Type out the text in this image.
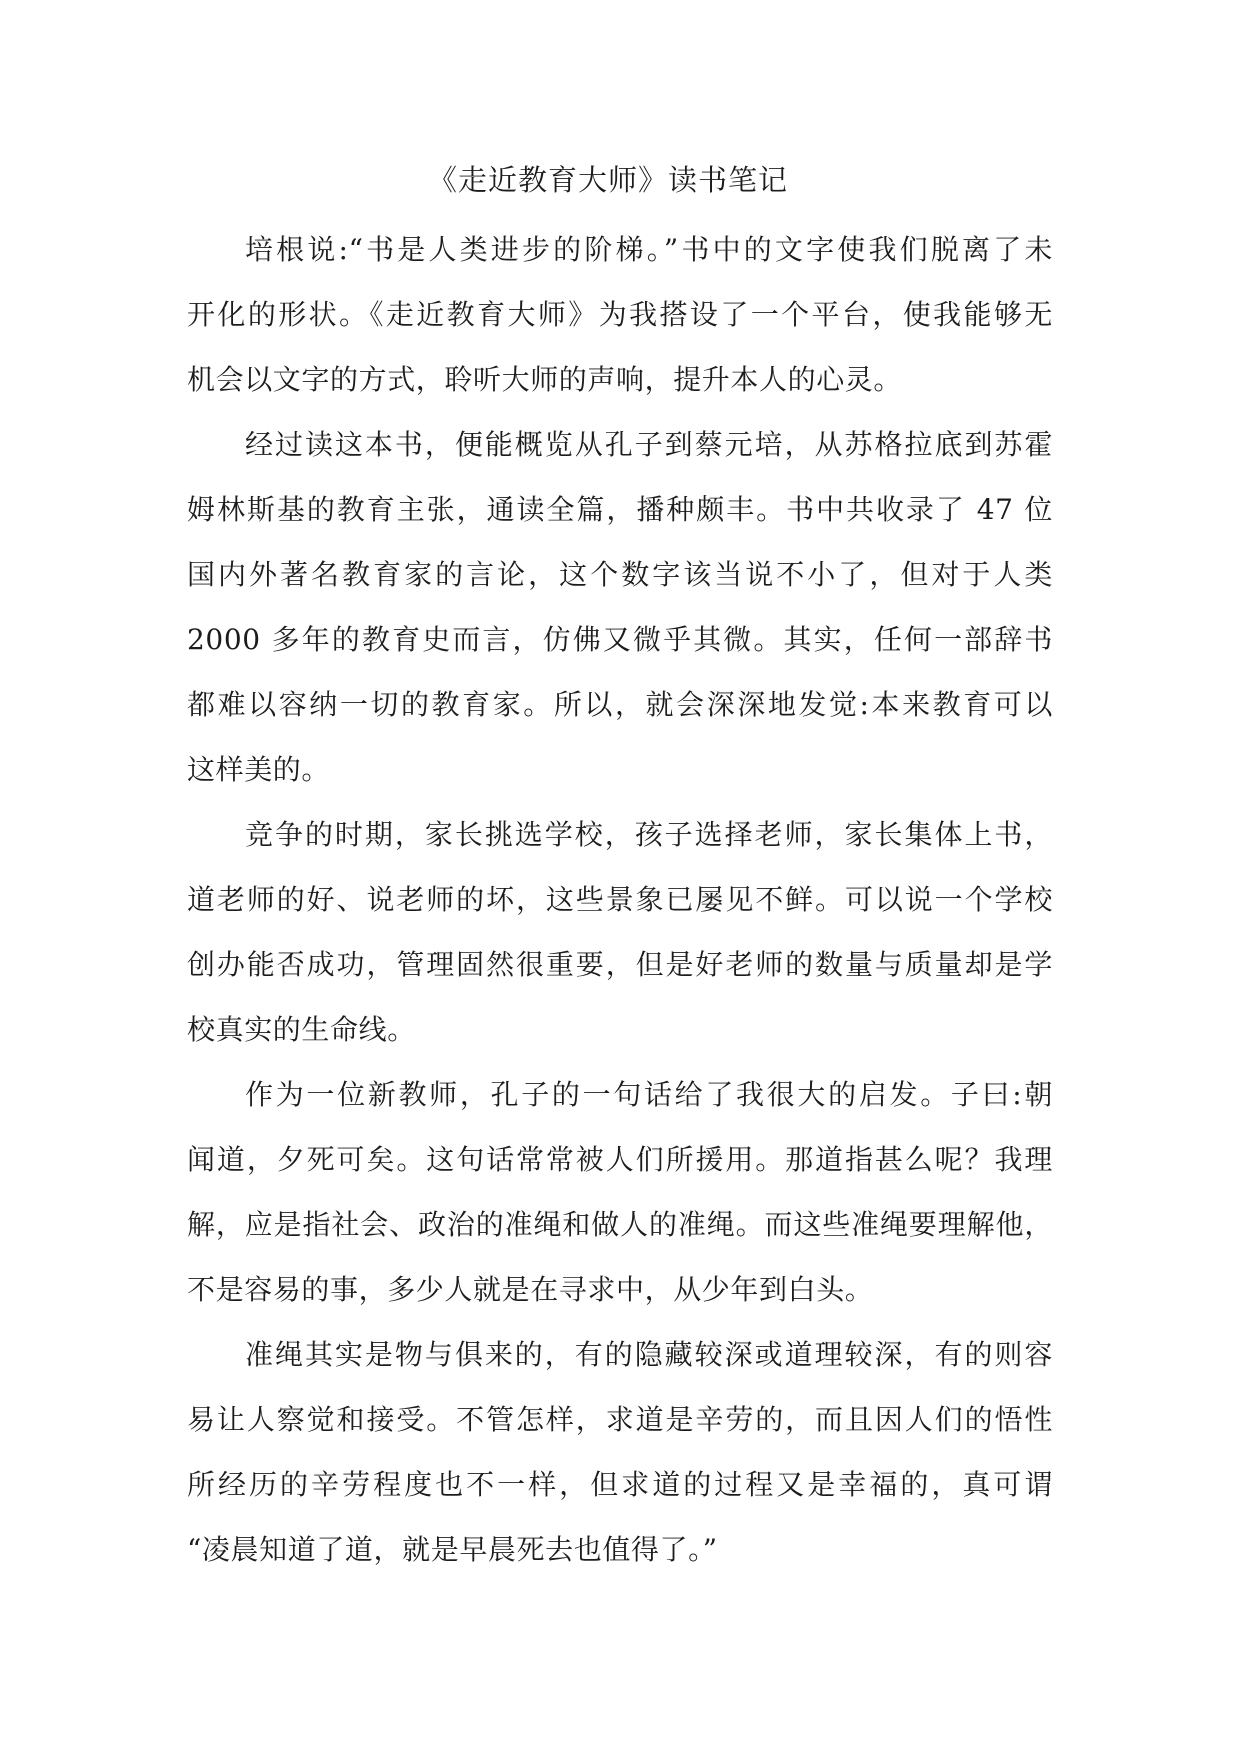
《走近教育大师》读书笔记
培根说:“书是人类进步的阶梯。”书中的文字使我们脱离了未
开化的形状。《走近教育大师》为我搭设了一个平台，使我能够无
机会以文字的方式，聆听大师的声响，提升本人的心灵。
经过读这本书，便能概览从孔子到蔡元培，从苏格拉底到苏霍
姆林斯基的教育主张，通读全篇，播种颇丰。书中共收录了 47 位
国内外著名教育家的言论，这个数字该当说不小了，但对于人类
2000 多年的教育史而言，仿佛又微乎其微。其实，任何一部辞书
都难以容纳一切的教育家。所以，就会深深地发觉:本来教育可以
这样美的。
竞争的时期，家长挑选学校，孩子选择老师，家长集体上书，
道老师的好、说老师的坏，这些景象已屡见不鲜。可以说一个学校
创办能否成功，管理固然很重要，但是好老师的数量与质量却是学
校真实的生命线。
作为一位新教师，孔子的一句话给了我很大的启发。子曰:朝
闻道，夕死可矣。这句话常常被人们所援用。那道指甚么呢？我理
解，应是指社会、政治的准绳和做人的准绳。而这些准绳要理解他，
不是容易的事，多少人就是在寻求中，从少年到白头。
准绳其实是物与俱来的，有的隐藏较深或道理较深，有的则容
易让人察觉和接受。不管怎样，求道是辛劳的，而且因人们的悟性
所经历的辛劳程度也不一样，但求道的过程又是幸福的，真可谓
“凌晨知道了道，就是早晨死去也值得了。”
